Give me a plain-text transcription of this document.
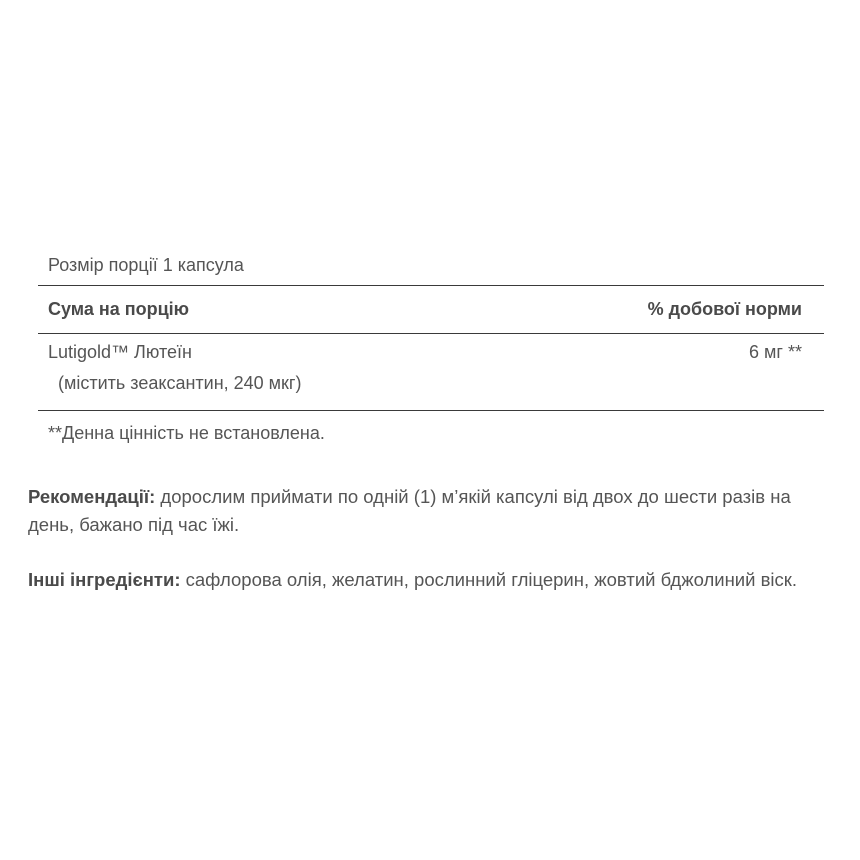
Розмір порції 1 капсула
Сума на порцію	% добової норми
Lutigold™ Лютеїн	6 мг **
(містить зеаксантин, 240 мкг)
**Денна цінність не встановлена.
Рекомендації: дорослим приймати по одній (1) м’якій капсулі від двох до шести разів на день, бажано під час їжі.
Інші інгредієнти: сафлорова олія, желатин, рослинний гліцерин, жовтий бджолиний віск.
